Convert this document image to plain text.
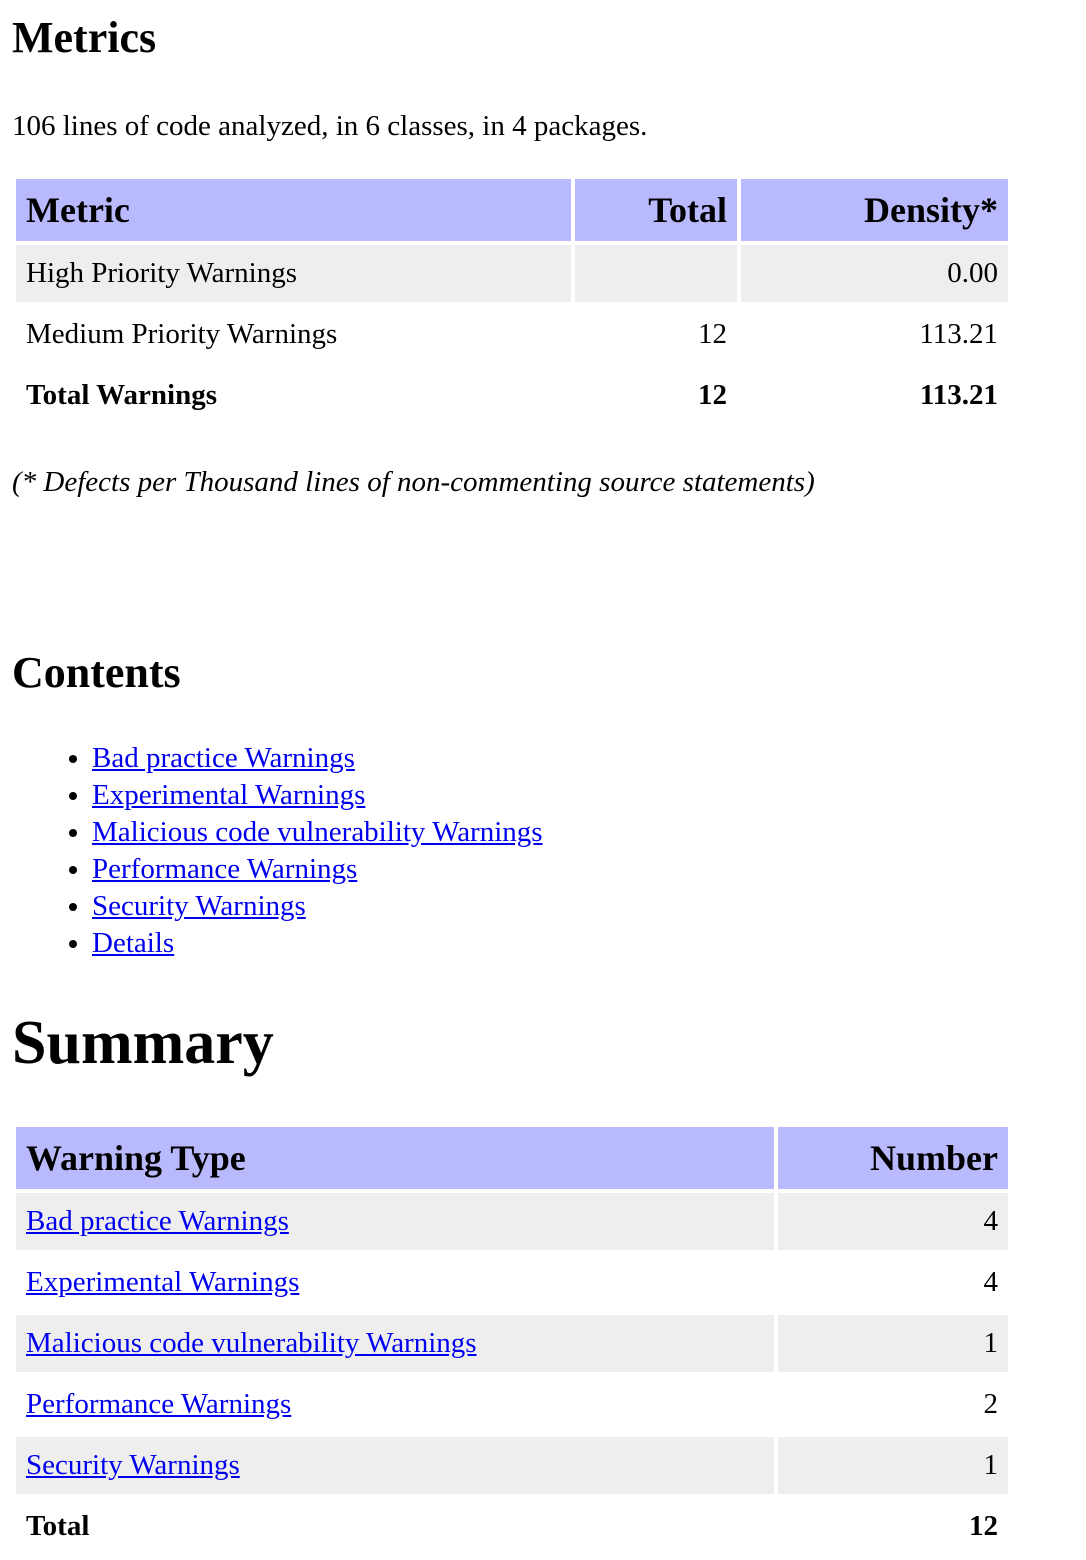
Metrics

106 lines of code analyzed, in 6 classes, in 4 packages.

Metric	Total	Density*
High Priority Warnings		0.00
Medium Priority Warnings	12	113.21
Total Warnings	12	113.21

(* Defects per Thousand lines of non-commenting source statements)

Contents
• Bad practice Warnings
• Experimental Warnings
• Malicious code vulnerability Warnings
• Performance Warnings
• Security Warnings
• Details
Summary
Warning Type	Number
Bad practice Warnings	4
Experimental Warnings	4
Malicious code vulnerability Warnings	1
Performance Warnings	2
Security Warnings	1
Total	12
